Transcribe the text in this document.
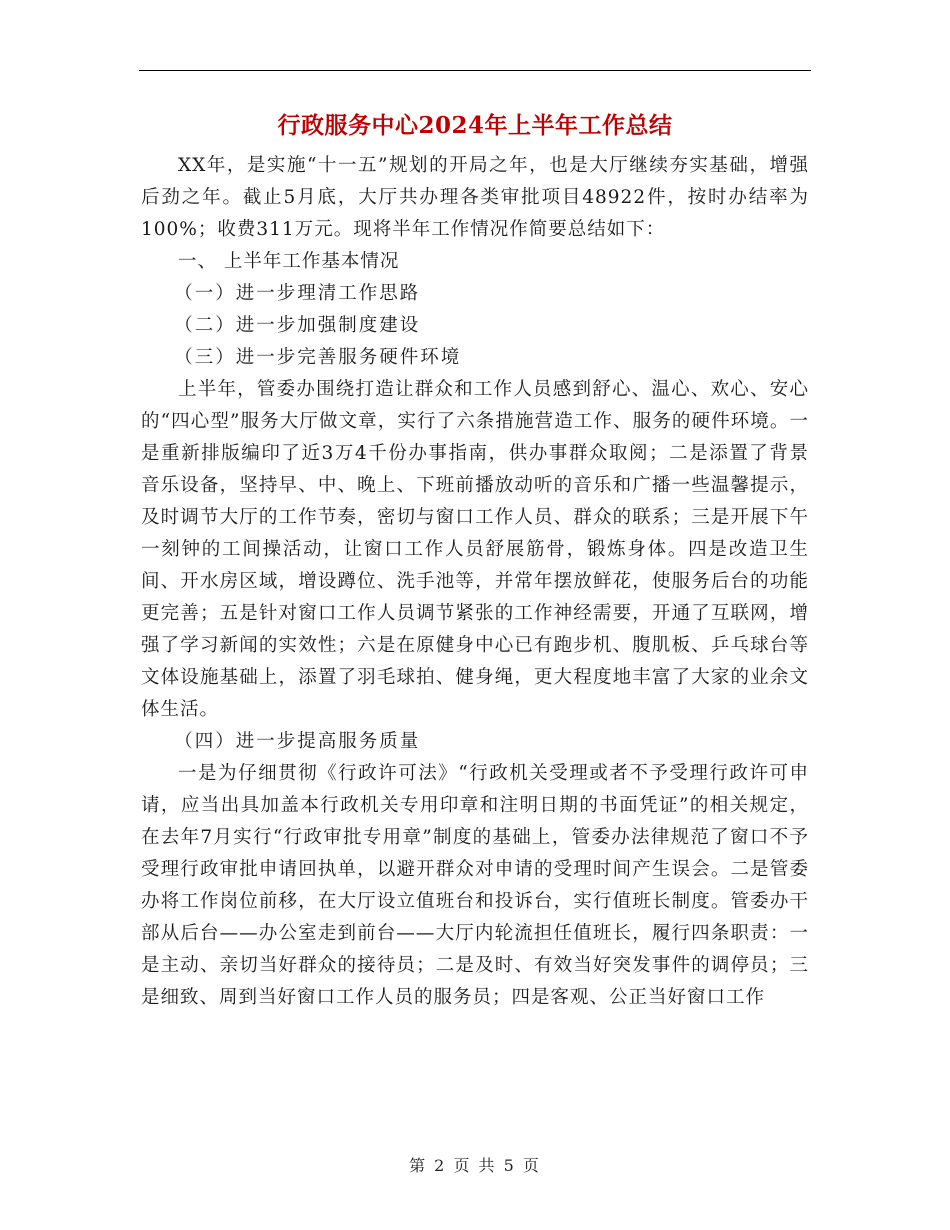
行政服务中心2024年上半年工作总结

XX年，是实施“十一五”规划的开局之年，也是大厅继续夯实基础，增强后劲之年。截止5月底，大厅共办理各类审批项目48922件，按时办结率为100%；收费311万元。现将半年工作情况作简要总结如下：

一、 上半年工作基本情况

（一）进一步理清工作思路

（二）进一步加强制度建设

（三）进一步完善服务硬件环境

上半年，管委办围绕打造让群众和工作人员感到舒心、温心、欢心、安心的“四心型”服务大厅做文章，实行了六条措施营造工作、服务的硬件环境。一是重新排版编印了近3万4千份办事指南，供办事群众取阅；二是添置了背景音乐设备，坚持早、中、晚上、下班前播放动听的音乐和广播一些温馨提示，及时调节大厅的工作节奏，密切与窗口工作人员、群众的联系；三是开展下午一刻钟的工间操活动，让窗口工作人员舒展筋骨，锻炼身体。四是改造卫生间、开水房区域，增设蹲位、洗手池等，并常年摆放鲜花，使服务后台的功能更完善；五是针对窗口工作人员调节紧张的工作神经需要，开通了互联网，增强了学习新闻的实效性；六是在原健身中心已有跑步机、腹肌板、乒乓球台等文体设施基础上，添置了羽毛球拍、健身绳，更大程度地丰富了大家的业余文体生活。

（四）进一步提高服务质量

一是为仔细贯彻《行政许可法》“行政机关受理或者不予受理行政许可申请，应当出具加盖本行政机关专用印章和注明日期的书面凭证”的相关规定，在去年7月实行“行政审批专用章”制度的基础上，管委办法律规范了窗口不予受理行政审批申请回执单，以避开群众对申请的受理时间产生误会。二是管委办将工作岗位前移，在大厅设立值班台和投诉台，实行值班长制度。管委办干部从后台——办公室走到前台——大厅内轮流担任值班长，履行四条职责：一是主动、亲切当好群众的接待员；二是及时、有效当好突发事件的调停员；三是细致、周到当好窗口工作人员的服务员；四是客观、公正当好窗口工作

第 2 页 共 5 页
